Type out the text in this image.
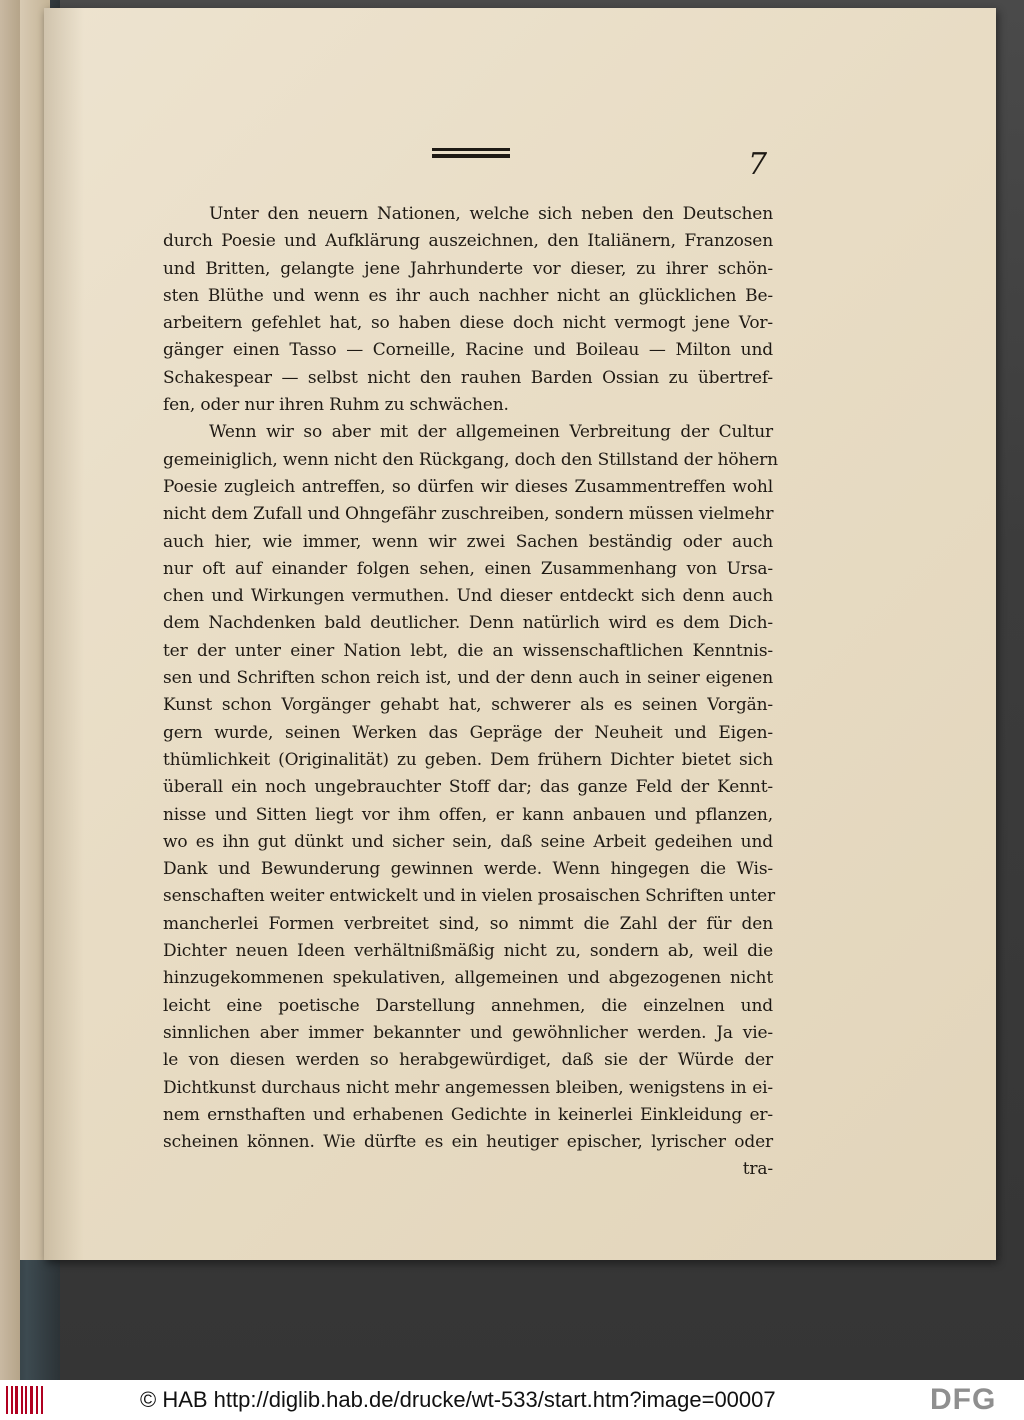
7
Unter den neuern Nationen, welche sich neben den Deutschen
durch Poesie und Aufklärung auszeichnen, den Italiänern, Franzosen
und Britten, gelangte jene Jahrhunderte vor dieser, zu ihrer schön-
sten Blüthe und wenn es ihr auch nachher nicht an glücklichen Be-
arbeitern gefehlet hat, so haben diese doch nicht vermogt jene Vor-
gänger einen Tasso — Corneille, Racine und Boileau — Milton und
Schakespear — selbst nicht den rauhen Barden Ossian zu übertref-
fen, oder nur ihren Ruhm zu schwächen.
Wenn wir so aber mit der allgemeinen Verbreitung der Cultur
gemeiniglich, wenn nicht den Rückgang, doch den Stillstand der höhern
Poesie zugleich antreffen, so dürfen wir dieses Zusammentreffen wohl
nicht dem Zufall und Ohngefähr zuschreiben, sondern müssen vielmehr
auch hier, wie immer, wenn wir zwei Sachen beständig oder auch
nur oft auf einander folgen sehen, einen Zusammenhang von Ursa-
chen und Wirkungen vermuthen. Und dieser entdeckt sich denn auch
dem Nachdenken bald deutlicher. Denn natürlich wird es dem Dich-
ter der unter einer Nation lebt, die an wissenschaftlichen Kenntnis-
sen und Schriften schon reich ist, und der denn auch in seiner eigenen
Kunst schon Vorgänger gehabt hat, schwerer als es seinen Vorgän-
gern wurde, seinen Werken das Gepräge der Neuheit und Eigen-
thümlichkeit (Originalität) zu geben. Dem frühern Dichter bietet sich
überall ein noch ungebrauchter Stoff dar; das ganze Feld der Kennt-
nisse und Sitten liegt vor ihm offen, er kann anbauen und pflanzen,
wo es ihn gut dünkt und sicher sein, daß seine Arbeit gedeihen und
Dank und Bewunderung gewinnen werde. Wenn hingegen die Wis-
senschaften weiter entwickelt und in vielen prosaischen Schriften unter
mancherlei Formen verbreitet sind, so nimmt die Zahl der für den
Dichter neuen Ideen verhältnißmäßig nicht zu, sondern ab, weil die
hinzugekommenen spekulativen, allgemeinen und abgezogenen nicht
leicht eine poetische Darstellung annehmen, die einzelnen und
sinnlichen aber immer bekannter und gewöhnlicher werden. Ja vie-
le von diesen werden so herabgewürdiget, daß sie der Würde der
Dichtkunst durchaus nicht mehr angemessen bleiben, wenigstens in ei-
nem ernsthaften und erhabenen Gedichte in keinerlei Einkleidung er-
scheinen können. Wie dürfte es ein heutiger epischer, lyrischer oder
tra-
© HAB http://diglib.hab.de/drucke/wt-533/start.htm?image=00007	DFG
